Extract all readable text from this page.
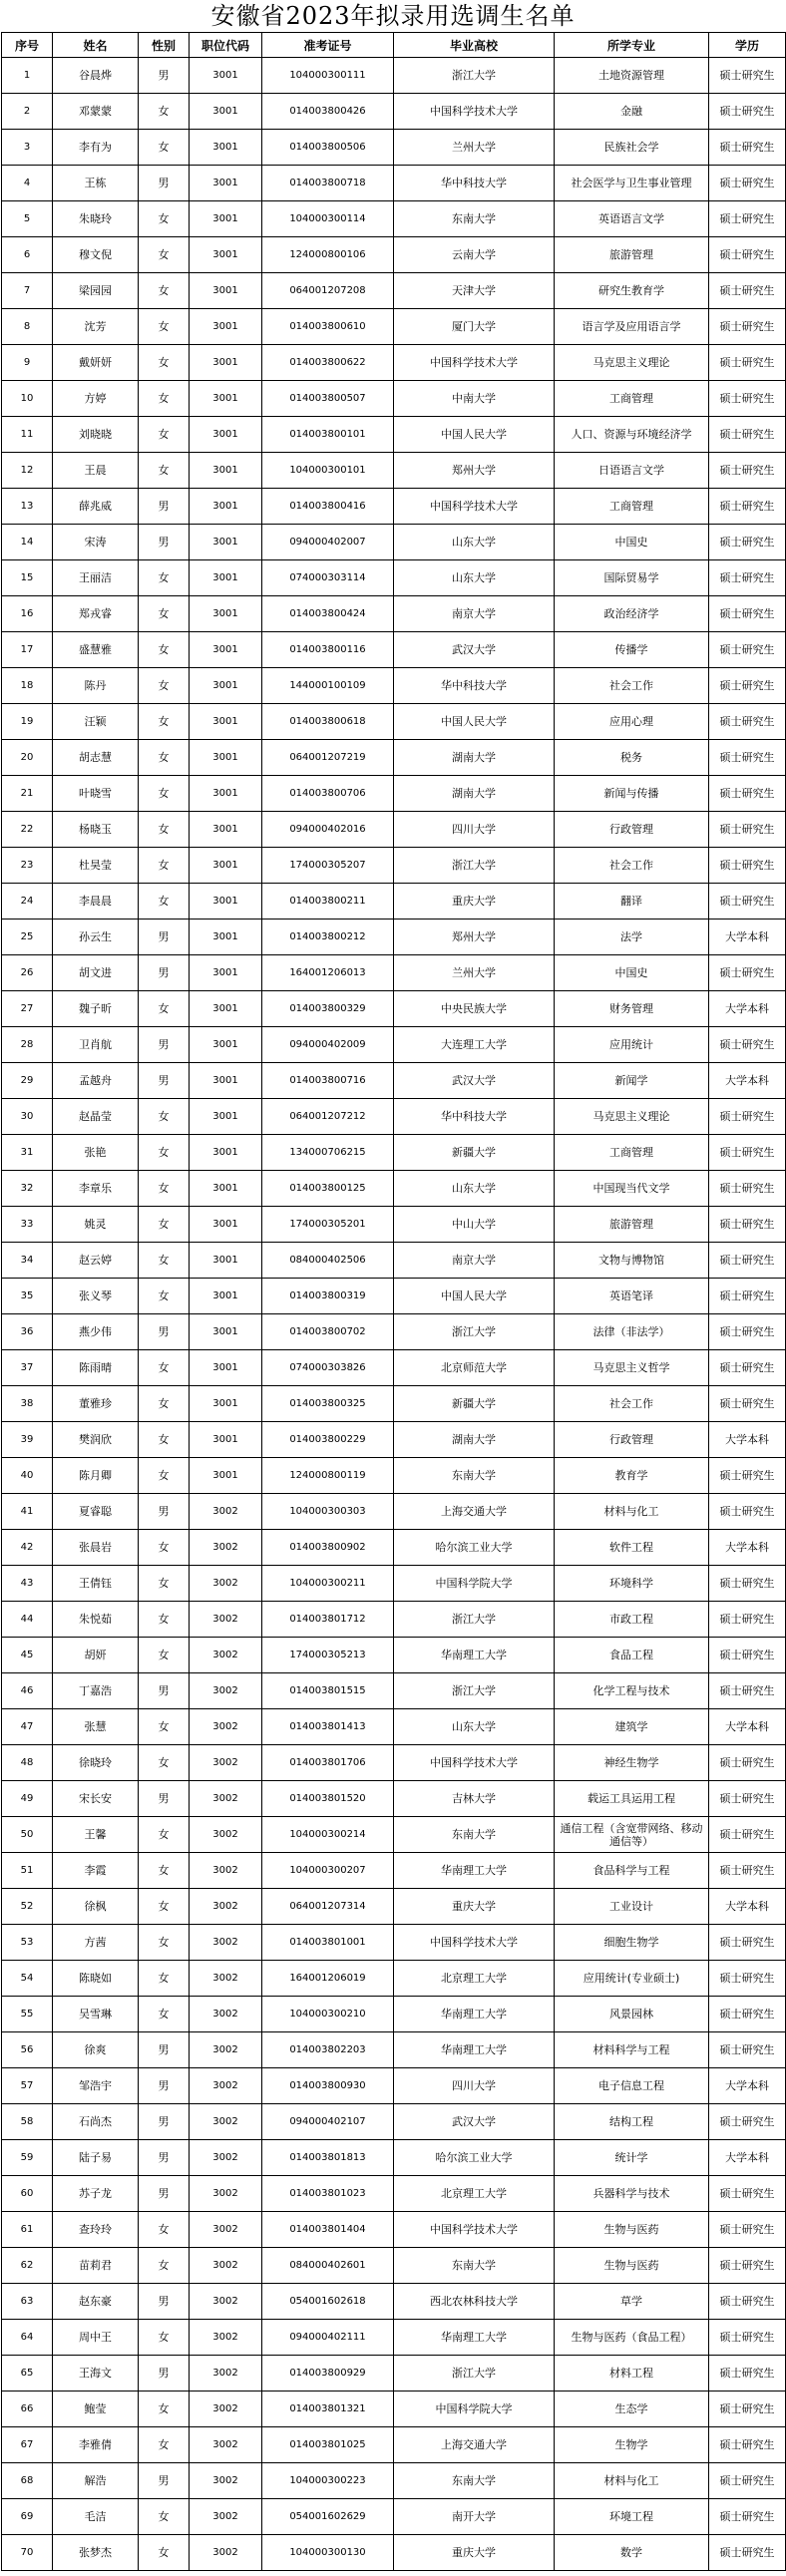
安徽省2023年拟录用选调生名单
序号	姓名	性别	职位代码	准考证号	毕业高校	所学专业	学历
1	谷晨烨	男	3001	104000300111	浙江大学	土地资源管理	硕士研究生
2	邓蒙蒙	女	3001	014003800426	中国科学技术大学	金融	硕士研究生
3	李有为	女	3001	014003800506	兰州大学	民族社会学	硕士研究生
4	王栋	男	3001	014003800718	华中科技大学	社会医学与卫生事业管理	硕士研究生
5	朱晓玲	女	3001	104000300114	东南大学	英语语言文学	硕士研究生
6	穆文倪	女	3001	124000800106	云南大学	旅游管理	硕士研究生
7	梁园园	女	3001	064001207208	天津大学	研究生教育学	硕士研究生
8	沈芳	女	3001	014003800610	厦门大学	语言学及应用语言学	硕士研究生
9	戴妍妍	女	3001	014003800622	中国科学技术大学	马克思主义理论	硕士研究生
10	方婷	女	3001	014003800507	中南大学	工商管理	硕士研究生
11	刘晓晓	女	3001	014003800101	中国人民大学	人口、资源与环境经济学	硕士研究生
12	王晨	女	3001	104000300101	郑州大学	日语语言文学	硕士研究生
13	薛兆威	男	3001	014003800416	中国科学技术大学	工商管理	硕士研究生
14	宋涛	男	3001	094000402007	山东大学	中国史	硕士研究生
15	王丽洁	女	3001	074000303114	山东大学	国际贸易学	硕士研究生
16	郑戎睿	女	3001	014003800424	南京大学	政治经济学	硕士研究生
17	盛慧雅	女	3001	014003800116	武汉大学	传播学	硕士研究生
18	陈丹	女	3001	144000100109	华中科技大学	社会工作	硕士研究生
19	汪颖	女	3001	014003800618	中国人民大学	应用心理	硕士研究生
20	胡志慧	女	3001	064001207219	湖南大学	税务	硕士研究生
21	叶晓雪	女	3001	014003800706	湖南大学	新闻与传播	硕士研究生
22	杨晓玉	女	3001	094000402016	四川大学	行政管理	硕士研究生
23	杜昊莹	女	3001	174000305207	浙江大学	社会工作	硕士研究生
24	李晨晨	女	3001	014003800211	重庆大学	翻译	硕士研究生
25	孙云生	男	3001	014003800212	郑州大学	法学	大学本科
26	胡文进	男	3001	164001206013	兰州大学	中国史	硕士研究生
27	魏子昕	女	3001	014003800329	中央民族大学	财务管理	大学本科
28	卫肖航	男	3001	094000402009	大连理工大学	应用统计	硕士研究生
29	孟越舟	男	3001	014003800716	武汉大学	新闻学	大学本科
30	赵晶莹	女	3001	064001207212	华中科技大学	马克思主义理论	硕士研究生
31	张艳	女	3001	134000706215	新疆大学	工商管理	硕士研究生
32	李章乐	女	3001	014003800125	山东大学	中国现当代文学	硕士研究生
33	姚灵	女	3001	174000305201	中山大学	旅游管理	硕士研究生
34	赵云婷	女	3001	084000402506	南京大学	文物与博物馆	硕士研究生
35	张义琴	女	3001	014003800319	中国人民大学	英语笔译	硕士研究生
36	燕少伟	男	3001	014003800702	浙江大学	法律（非法学）	硕士研究生
37	陈雨晴	女	3001	074000303826	北京师范大学	马克思主义哲学	硕士研究生
38	董雅珍	女	3001	014003800325	新疆大学	社会工作	硕士研究生
39	樊润欣	女	3001	014003800229	湖南大学	行政管理	大学本科
40	陈月卿	女	3001	124000800119	东南大学	教育学	硕士研究生
41	夏睿聪	男	3002	104000300303	上海交通大学	材料与化工	硕士研究生
42	张晨岩	女	3002	014003800902	哈尔滨工业大学	软件工程	大学本科
43	王倩钰	女	3002	104000300211	中国科学院大学	环境科学	硕士研究生
44	朱悦茹	女	3002	014003801712	浙江大学	市政工程	硕士研究生
45	胡妍	女	3002	174000305213	华南理工大学	食品工程	硕士研究生
46	丁嘉浩	男	3002	014003801515	浙江大学	化学工程与技术	硕士研究生
47	张慧	女	3002	014003801413	山东大学	建筑学	大学本科
48	徐晓玲	女	3002	014003801706	中国科学技术大学	神经生物学	硕士研究生
49	宋长安	男	3002	014003801520	吉林大学	载运工具运用工程	硕士研究生
50	王馨	女	3002	104000300214	东南大学	通信工程（含宽带网络、移动通信等）	硕士研究生
51	李霞	女	3002	104000300207	华南理工大学	食品科学与工程	硕士研究生
52	徐枫	女	3002	064001207314	重庆大学	工业设计	大学本科
53	方茜	女	3002	014003801001	中国科学技术大学	细胞生物学	硕士研究生
54	陈晓如	女	3002	164001206019	北京理工大学	应用统计(专业硕士)	硕士研究生
55	吴雪琳	女	3002	104000300210	华南理工大学	风景园林	硕士研究生
56	徐爽	男	3002	014003802203	华南理工大学	材料科学与工程	硕士研究生
57	邹浩宇	男	3002	014003800930	四川大学	电子信息工程	大学本科
58	石尚杰	男	3002	094000402107	武汉大学	结构工程	硕士研究生
59	陆子易	男	3002	014003801813	哈尔滨工业大学	统计学	大学本科
60	苏子龙	男	3002	014003801023	北京理工大学	兵器科学与技术	硕士研究生
61	查玲玲	女	3002	014003801404	中国科学技术大学	生物与医药	硕士研究生
62	苗莉君	女	3002	084000402601	东南大学	生物与医药	硕士研究生
63	赵东豪	男	3002	054001602618	西北农林科技大学	草学	硕士研究生
64	周中王	女	3002	094000402111	华南理工大学	生物与医药（食品工程）	硕士研究生
65	王海文	男	3002	014003800929	浙江大学	材料工程	硕士研究生
66	鲍莹	女	3002	014003801321	中国科学院大学	生态学	硕士研究生
67	李雅倩	女	3002	014003801025	上海交通大学	生物学	硕士研究生
68	解浩	男	3002	104000300223	东南大学	材料与化工	硕士研究生
69	毛洁	女	3002	054001602629	南开大学	环境工程	硕士研究生
70	张梦杰	女	3002	104000300130	重庆大学	数学	硕士研究生
